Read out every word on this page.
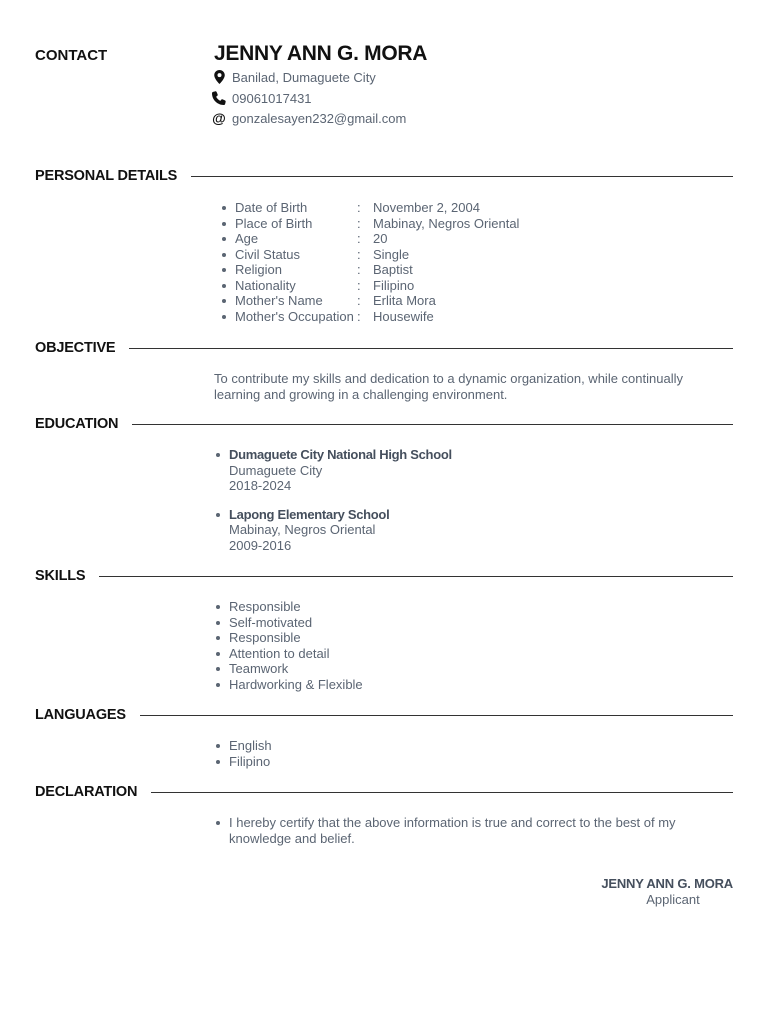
CONTACT	JENNY ANN G. MORA
Banilad, Dumaguete City
09061017431
@ gonzalesayen232@gmail.com
PERSONAL DETAILS
Date of Birth	: November 2, 2004
Place of Birth	: Mabinay, Negros Oriental
Age	: 20
Civil Status	: Single
Religion	: Baptist
Nationality	: Filipino
Mother's Name	: Erlita Mora
Mother's Occupation : Housewife
OBJECTIVE
To contribute my skills and dedication to a dynamic organization, while continually learning and growing in a challenging environment.
EDUCATION
Dumaguete City National High School
Dumaguete City
2018-2024
Lapong Elementary School
Mabinay, Negros Oriental
2009-2016
SKILLS
Responsible
Self-motivated
Responsible
Attention to detail
Teamwork
Hardworking & Flexible
LANGUAGES
English
Filipino
DECLARATION
I hereby certify that the above information is true and correct to the best of my knowledge and belief.
JENNY ANN G. MORA
Applicant
